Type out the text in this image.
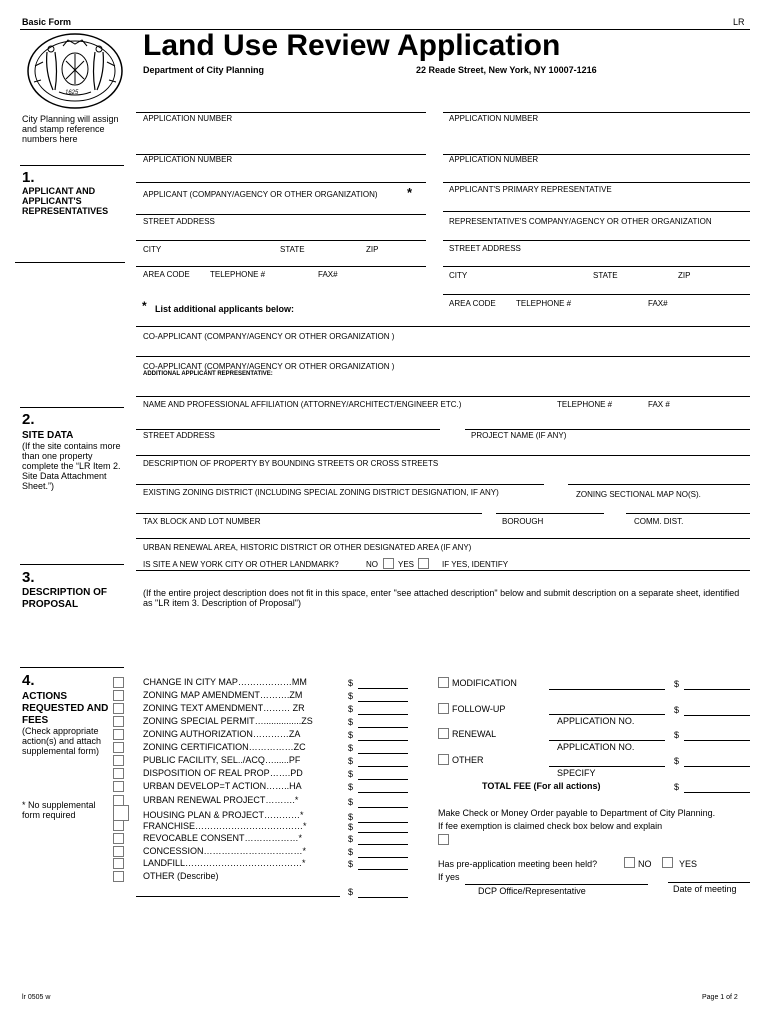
Basic Form	LR
1625
Land Use Review Application
Department of City Planning	22 Reade Street, New York, NY 10007-1216
City Planning will assign and stamp reference numbers here
APPLICATION NUMBER	APPLICATION NUMBER
APPLICATION NUMBER	APPLICATION NUMBER
1.
APPLICANT AND APPLICANT'S REPRESENTATIVES
APPLICANT (COMPANY/AGENCY OR OTHER ORGANIZATION) *	APPLICANT'S PRIMARY REPRESENTATIVE
STREET ADDRESS	REPRESENTATIVE'S COMPANY/AGENCY OR OTHER ORGANIZATION
CITY	STATE	ZIP	STREET ADDRESS
AREA CODE	TELEPHONE #	FAX#	CITY	STATE	ZIP
* List additional applicants below:
AREA CODE	TELEPHONE #	FAX#
CO-APPLICANT (COMPANY/AGENCY OR OTHER ORGANIZATION )
CO-APPLICANT (COMPANY/AGENCY OR OTHER ORGANIZATION )
ADDITIONAL APPLICANT REPRESENTATIVE:
NAME AND PROFESSIONAL AFFILIATION (ATTORNEY/ARCHITECT/ENGINEER ETC.)	TELEPHONE #	FAX #
2.
SITE DATA
(If the site contains more than one property complete the “LR Item 2. Site Data Attachment Sheet.”)
STREET ADDRESS	PROJECT NAME (IF ANY)
DESCRIPTION OF PROPERTY BY BOUNDING STREETS OR CROSS STREETS
EXISTING ZONING DISTRICT (INCLUDING SPECIAL ZONING DISTRICT DESIGNATION, IF ANY)	ZONING SECTIONAL MAP NO(S).
TAX BLOCK AND LOT NUMBER	BOROUGH	COMM. DIST.
URBAN RENEWAL AREA, HISTORIC DISTRICT OR OTHER DESIGNATED AREA (IF ANY)
IS SITE A NEW YORK CITY OR OTHER LANDMARK?	NO	YES	IF YES, IDENTIFY
3.
DESCRIPTION OF PROPOSAL
(If the entire project description does not fit in this space, enter "see attached description" below and submit description on a separate sheet, identified as "LR item 3. Description of Proposal")
4.
ACTIONS REQUESTED AND FEES
(Check appropriate action(s) and attach supplemental form)
* No supplemental form required
CHANGE IN CITY MAP………………MM	$
ZONING MAP AMENDMENT……….ZM	$
ZONING TEXT AMENDMENT……… ZR	$
ZONING SPECIAL PERMIT…...............ZS	$
ZONING AUTHORIZATION…………ZA	$
ZONING CERTIFICATION……………ZC	$
PUBLIC FACILITY, SEL../ACQ…......PF	$
DISPOSITION OF REAL PROP…….PD	$
URBAN DEVELOP=T ACTION……..HA	$
URBAN RENEWAL PROJECT……….*	$
HOUSING PLAN & PROJECT…………*	$
FRANCHISE………………………………*	$
REVOCABLE CONSENT………………*	$
CONCESSION……………………………*	$
LANDFILL…………………………………*	$
OTHER (Describe)
$
MODIFICATION	$
FOLLOW-UP	$
APPLICATION NO.
RENEWAL	$
APPLICATION NO.
OTHER	$
SPECIFY
TOTAL FEE (For all actions)	$
Make Check or Money Order payable to Department of City Planning.
If fee exemption is claimed check box below and explain
Has pre-application meeting been held?	NO	YES
If yes
DCP Office/Representative	Date of meeting
lr 0505 w	Page 1 of 2
